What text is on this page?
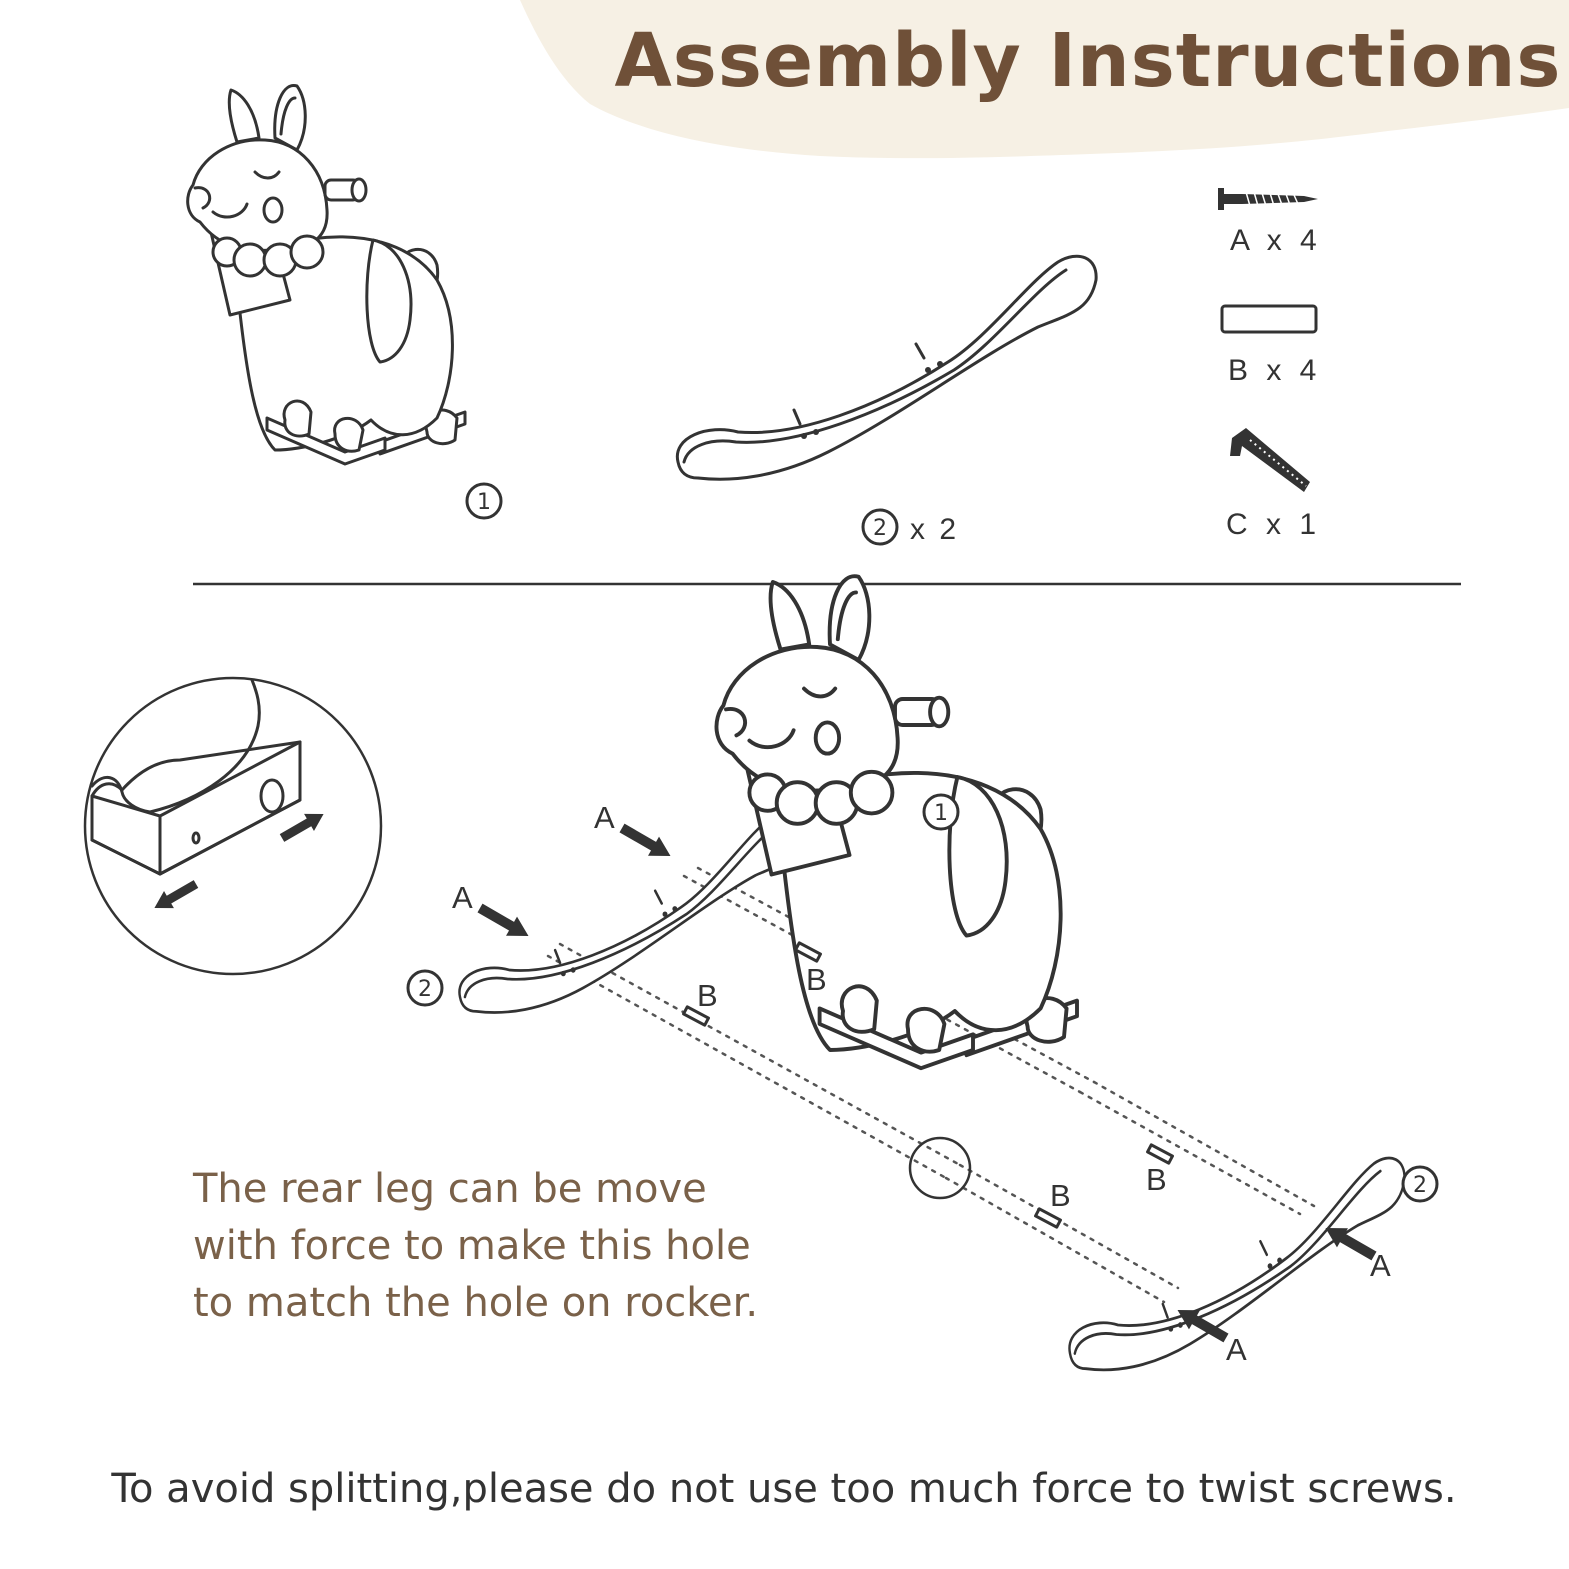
Assembly Instructions
1
2 x 2
A x 4
B x 4
C x 1
B	B
B B
A
A
A
A
1
2
2
The rear leg can be move
with force to make this hole
to match the hole on rocker.
To avoid splitting,please do not use too much force to twist screws.
